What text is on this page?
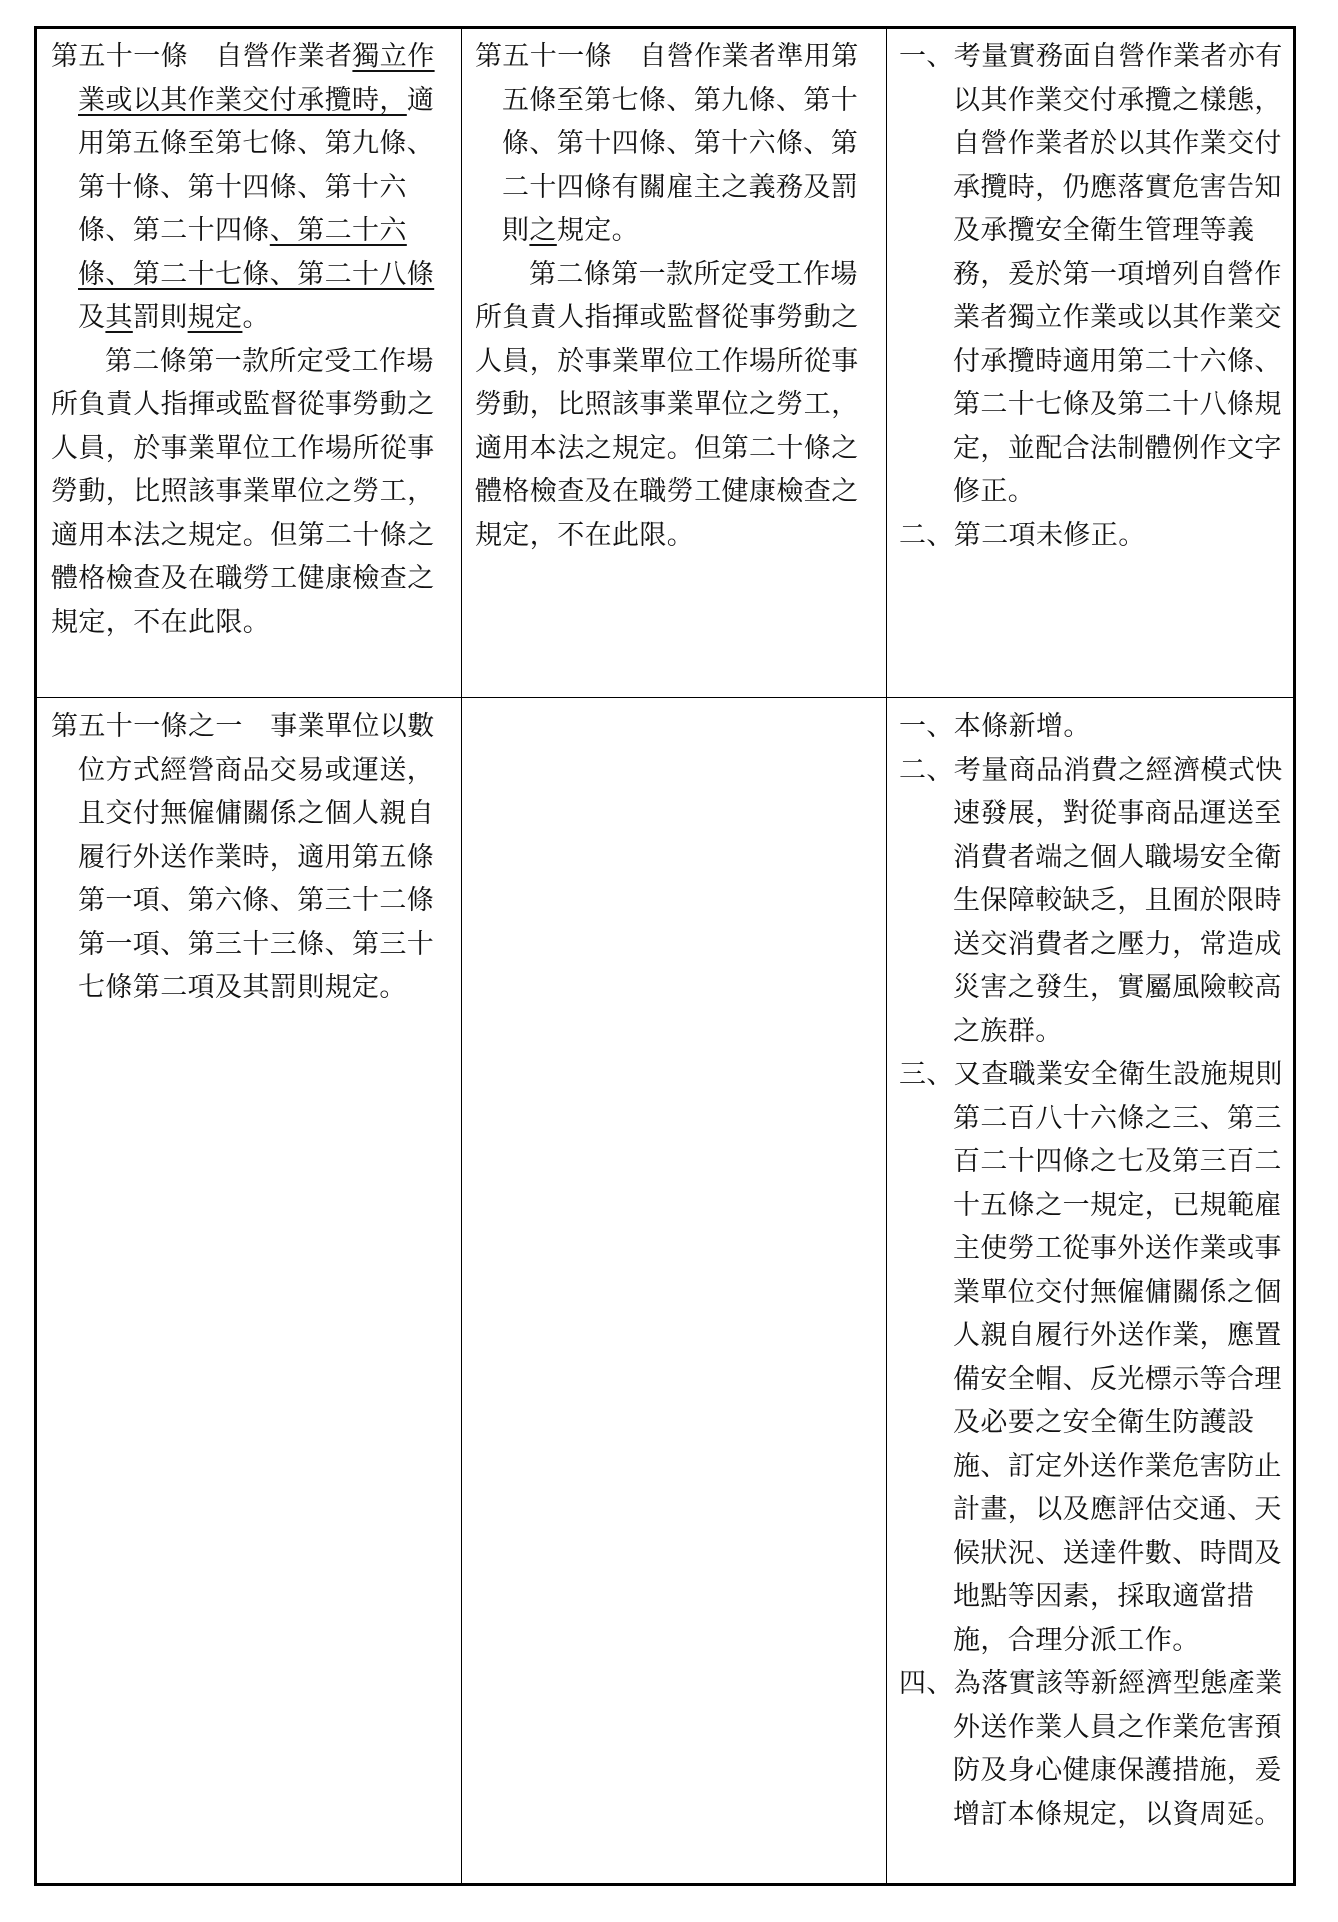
第五十一條　自營作業者獨立作業或以其作業交付承攬時，適用第五條至第七條、第九條、第十條、第十四條、第十六條、第二十四條、第二十六條、第二十七條、第二十八條及其罰則規定。

第二條第一款所定受工作場所負責人指揮或監督從事勞動之人員，於事業單位工作場所從事勞動，比照該事業單位之勞工，適用本法之規定。但第二十條之體格檢查及在職勞工健康檢查之規定，不在此限。

第五十一條　自營作業者準用第五條至第七條、第九條、第十條、第十四條、第十六條、第二十四條有關雇主之義務及罰則之規定。

第二條第一款所定受工作場所負責人指揮或監督從事勞動之人員，於事業單位工作場所從事勞動，比照該事業單位之勞工，適用本法之規定。但第二十條之體格檢查及在職勞工健康檢查之規定，不在此限。

一、考量實務面自營作業者亦有以其作業交付承攬之樣態，自營作業者於以其作業交付承攬時，仍應落實危害告知及承攬安全衛生管理等義務，爰於第一項增列自營作業者獨立作業或以其作業交付承攬時適用第二十六條、第二十七條及第二十八條規定，並配合法制體例作文字修正。

二、第二項未修正。

第五十一條之一　事業單位以數位方式經營商品交易或運送，且交付無僱傭關係之個人親自履行外送作業時，適用第五條第一項、第六條、第三十二條第一項、第三十三條、第三十七條第二項及其罰則規定。

一、本條新增。

二、考量商品消費之經濟模式快速發展，對從事商品運送至消費者端之個人職場安全衛生保障較缺乏，且囿於限時送交消費者之壓力，常造成災害之發生，實屬風險較高之族群。

三、又查職業安全衛生設施規則第二百八十六條之三、第三百二十四條之七及第三百二十五條之一規定，已規範雇主使勞工從事外送作業或事業單位交付無僱傭關係之個人親自履行外送作業，應置備安全帽、反光標示等合理及必要之安全衛生防護設施、訂定外送作業危害防止計畫，以及應評估交通、天候狀況、送達件數、時間及地點等因素，採取適當措施，合理分派工作。

四、為落實該等新經濟型態產業外送作業人員之作業危害預防及身心健康保護措施，爰增訂本條規定，以資周延。
